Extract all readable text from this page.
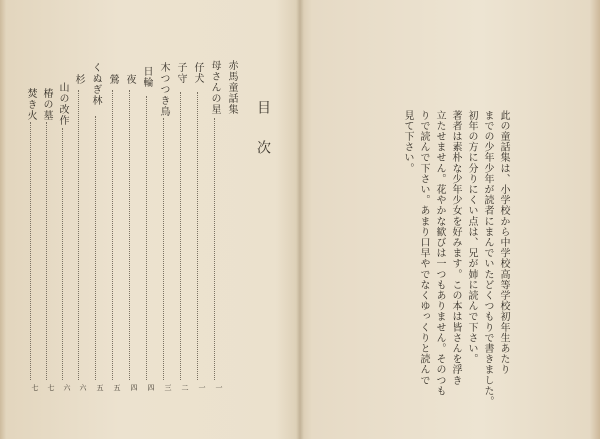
目次
赤馬童話集
母さんの星
一
仔犬
一
子守
二
木つつき鳥
三
日輪
四
夜
四
鶯
五
くぬぎ林
五
杉
六
山の改作
六
椿の墓
七
焚き火
七
此の童話集は、小学校から中学校高等学校初年生あたり
までの少年少年が読者にまんでいたどくつもりで書きました。
初年の方に分りにくい点は、兄が姉に読んで下さい。
著者は素朴な少年少女を好みます。この本は皆さんを浮き
立たせません。花やかな歓びは一つもありません。そのつも
りで読んで下さい。あまり口早やでなくゆっくりと読んで
見て下さい。
